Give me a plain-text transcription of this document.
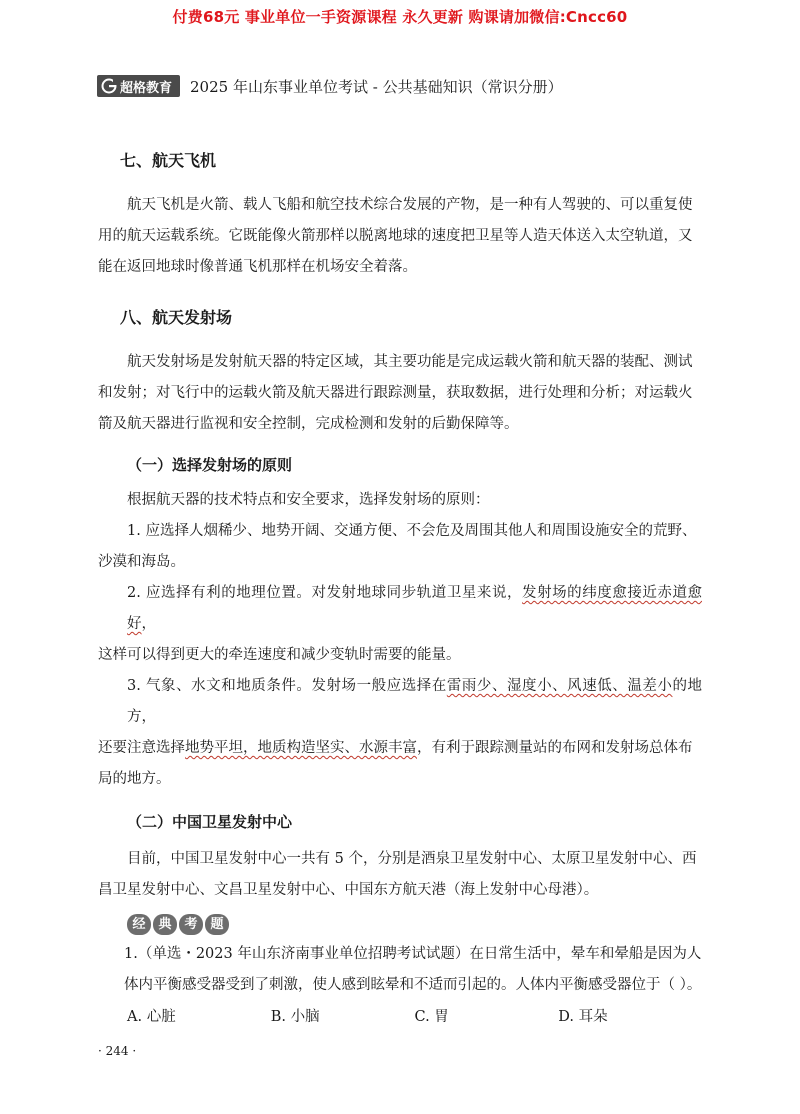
付费68元 事业单位一手资源课程 永久更新 购课请加微信:Cncc60
超格教育 2025 年山东事业单位考试 - 公共基础知识（常识分册）
七、航天飞机

航天飞机是火箭、载人飞船和航空技术综合发展的产物，是一种有人驾驶的、可以重复使

用的航天运载系统。它既能像火箭那样以脱离地球的速度把卫星等人造天体送入太空轨道，又

能在返回地球时像普通飞机那样在机场安全着落。

八、航天发射场

航天发射场是发射航天器的特定区域，其主要功能是完成运载火箭和航天器的装配、测试

和发射；对飞行中的运载火箭及航天器进行跟踪测量，获取数据，进行处理和分析；对运载火

箭及航天器进行监视和安全控制，完成检测和发射的后勤保障等。

（一）选择发射场的原则

根据航天器的技术特点和安全要求，选择发射场的原则：

1. 应选择人烟稀少、地势开阔、交通方便、不会危及周围其他人和周围设施安全的荒野、

沙漠和海岛。

2. 应选择有利的地理位置。对发射地球同步轨道卫星来说，发射场的纬度愈接近赤道愈好，

这样可以得到更大的牵连速度和减少变轨时需要的能量。

3. 气象、水文和地质条件。发射场一般应选择在雷雨少、湿度小、风速低、温差小的地方，

还要注意选择地势平坦，地质构造坚实、水源丰富，有利于跟踪测量站的布网和发射场总体布

局的地方。

（二）中国卫星发射中心

目前，中国卫星发射中心一共有 5 个，分别是酒泉卫星发射中心、太原卫星发射中心、西

昌卫星发射中心、文昌卫星发射中心、中国东方航天港（海上发射中心母港）。

经 典 考 题

1.（单选・2023 年山东济南事业单位招聘考试试题）在日常生活中，晕车和晕船是因为人

体内平衡感受器受到了刺激，使人感到眩晕和不适而引起的。人体内平衡感受器位于（ ）。

A. 心脏	B. 小脑	C. 胃	D. 耳朵
· 244 ·
